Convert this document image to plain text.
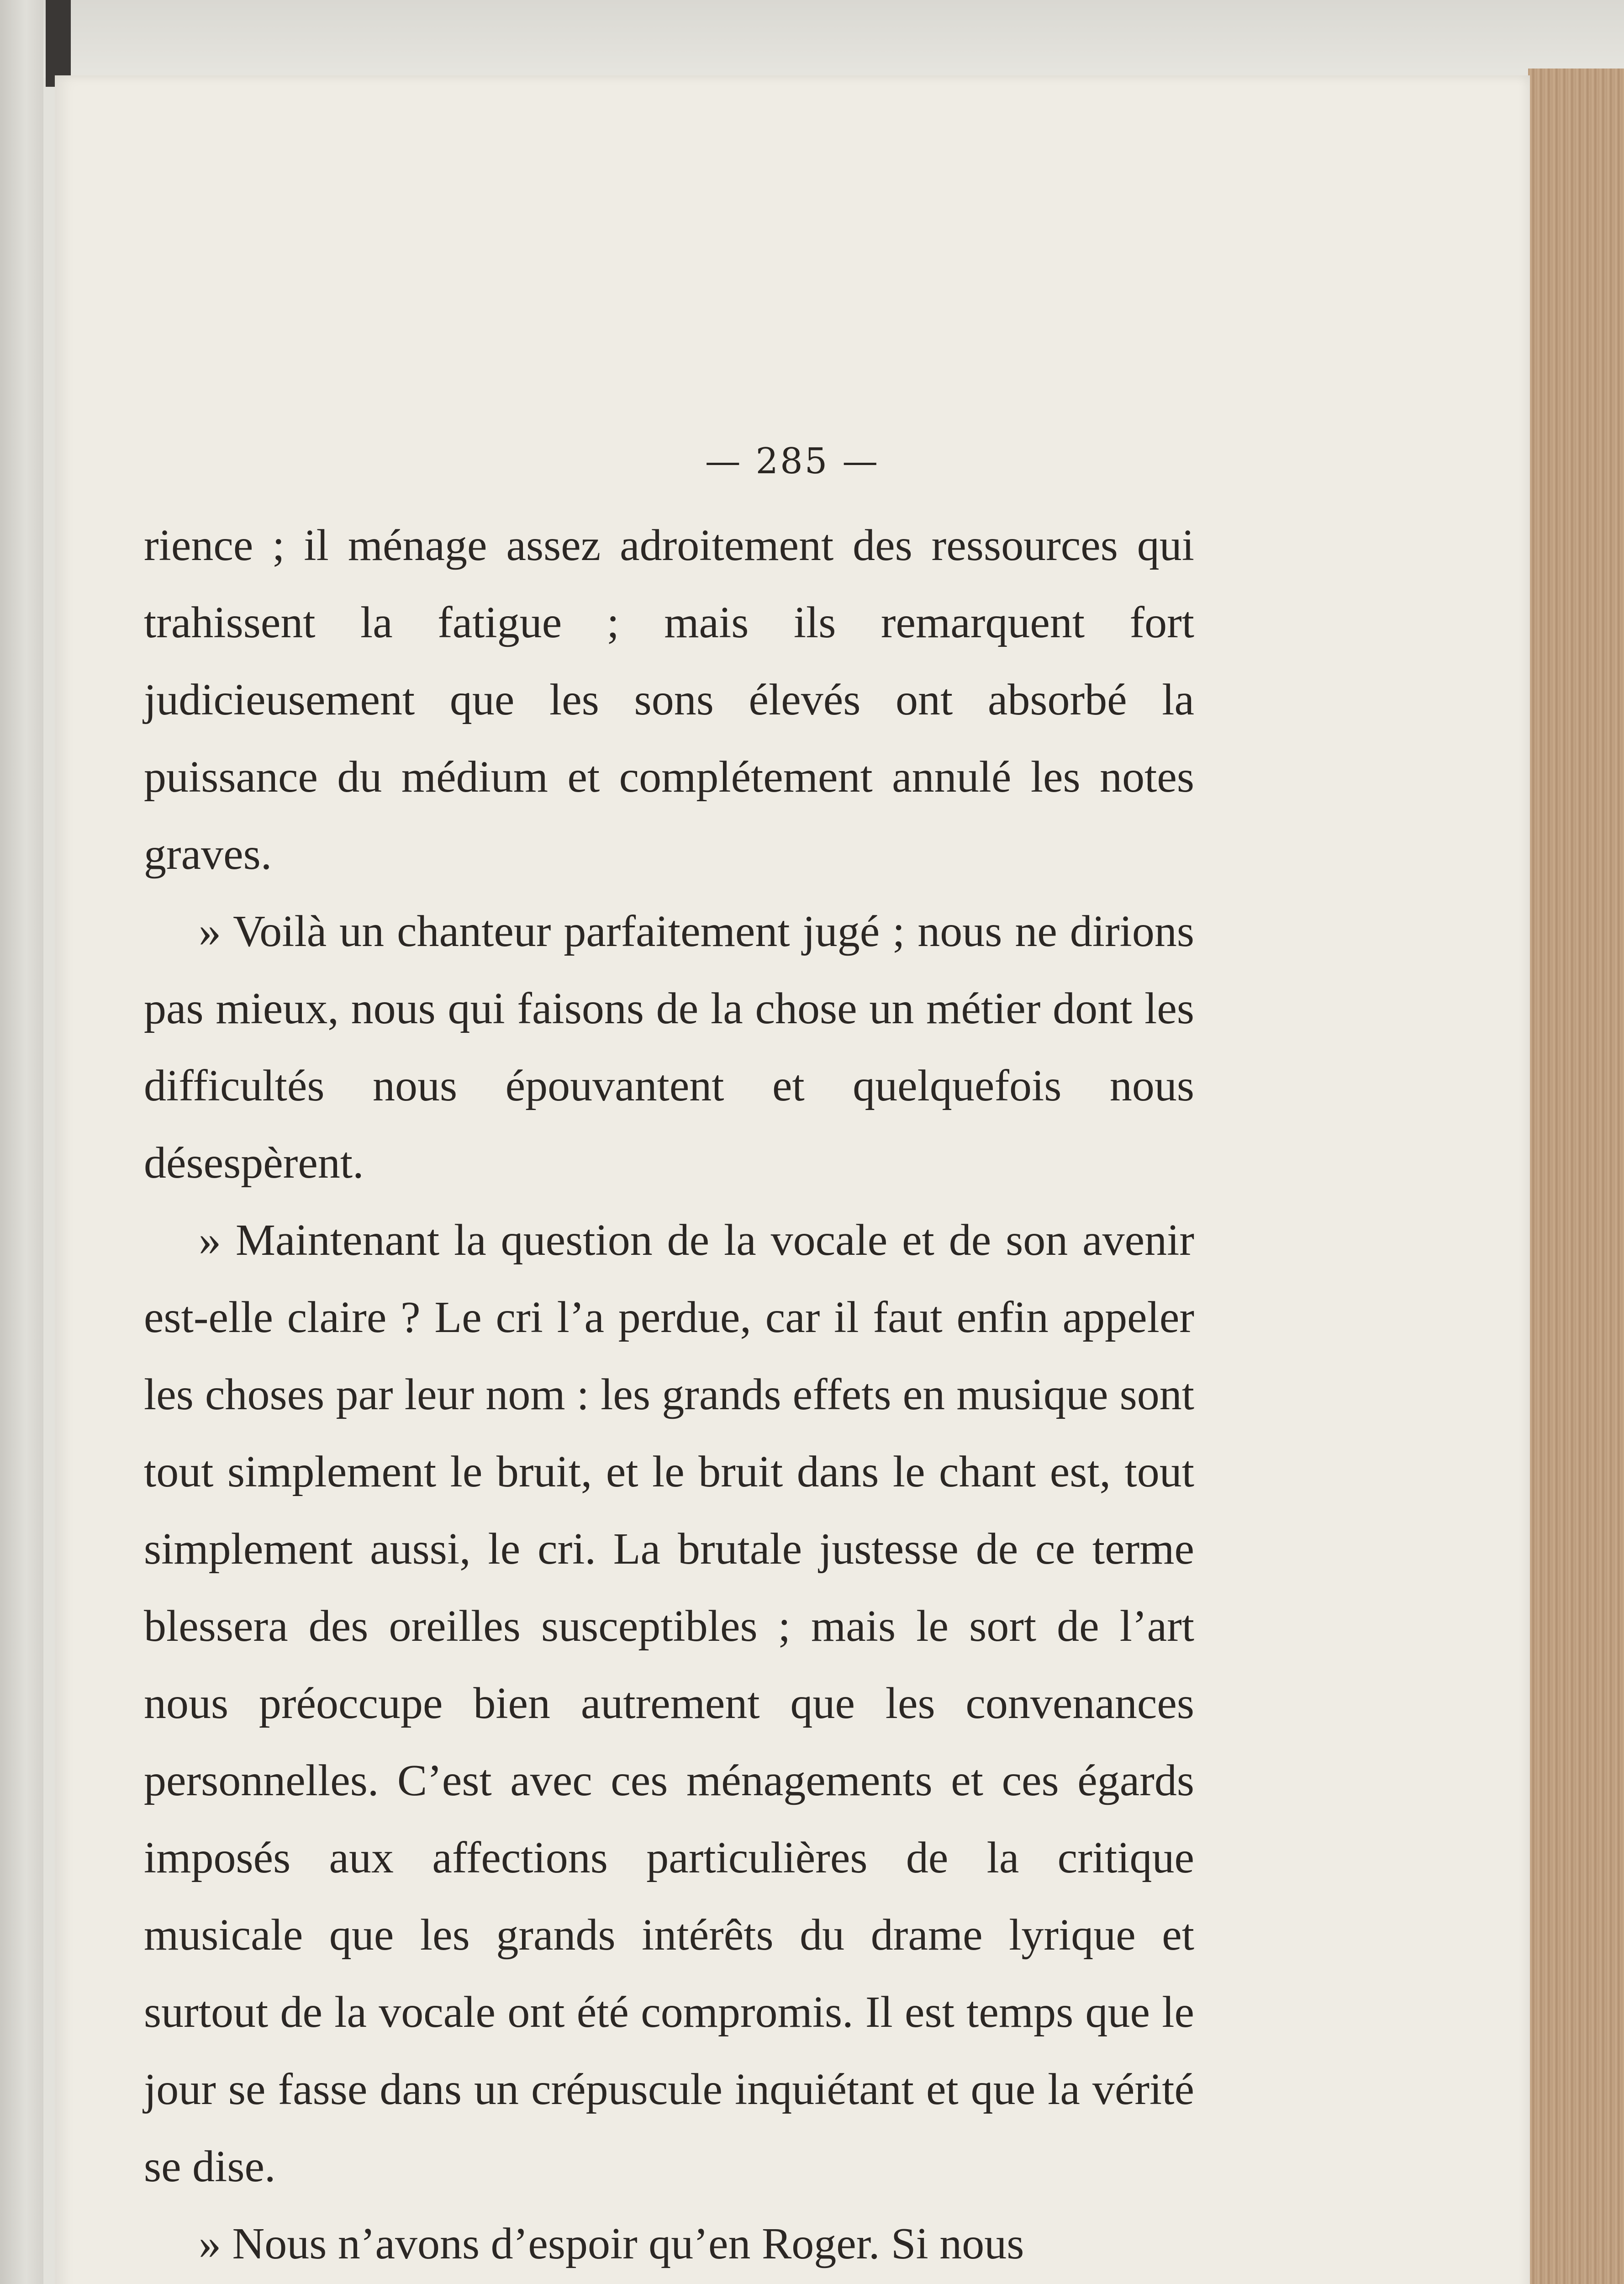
— 285 —

rience ; il ménage assez adroitement des ressources qui trahissent la fatigue ; mais ils remarquent fort judicieusement que les sons élevés ont absorbé la puissance du médium et complétement annulé les notes graves.

» Voilà un chanteur parfaitement jugé ; nous ne dirions pas mieux, nous qui faisons de la chose un métier dont les difficultés nous épouvantent et quelquefois nous désespèrent.

» Maintenant la question de la vocale et de son avenir est-elle claire ? Le cri l’a perdue, car il faut enfin appeler les choses par leur nom : les grands effets en musique sont tout simplement le bruit, et le bruit dans le chant est, tout simplement aussi, le cri. La brutale justesse de ce terme blessera des oreilles susceptibles ; mais le sort de l’art nous préoccupe bien autrement que les convenances personnelles. C’est avec ces ménagements et ces égards imposés aux affections particulières de la critique musicale que les grands intérêts du drame lyrique et surtout de la vocale ont été compromis. Il est temps que le jour se fasse dans un crépuscule inquiétant et que la vérité se dise.

» Nous n’avons d’espoir qu’en Roger. Si nous
